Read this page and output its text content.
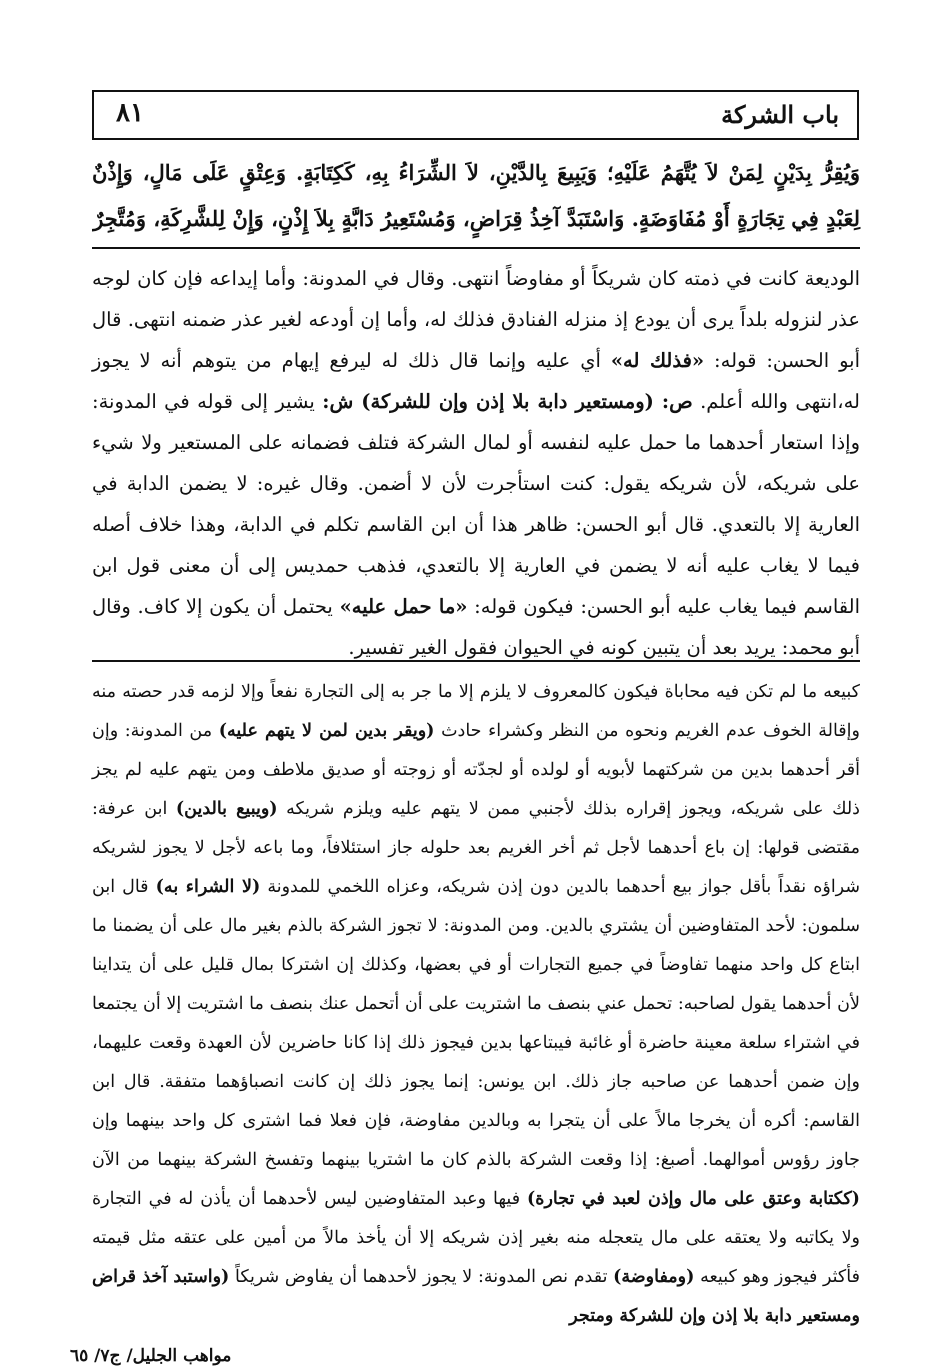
٨١	باب الشركة
وَيُقِرُّ بِدَيْنٍ لِمَنْ لاَ يُتَّهَمُ عَلَيْهِ؛ وَيَبِيعَ بِالدَّيْنِ، لاَ الشِّرَاءُ بِهِ، كَكِتَابَةٍ. وَعِتْقٍ عَلَى مَالٍ، وَإِذْنٌ لِعَبْدٍ فِي تِجَارَةٍ أَوْ مُفَاوَضَةٍ. وَاسْتَبَدَّ آخِذُ قِرَاضٍ، وَمُسْتَعِيرُ دَابَّةٍ بِلاَ إِذْنٍ، وَإِنْ لِلشَّرِكَةِ، وَمُتَّجِرٌ
الوديعة كانت في ذمته كان شريكاً أو مفاوضاً انتهى. وقال في المدونة: وأما إيداعه فإن كان لوجه عذر لنزوله بلداً يرى أن يودع إذ منزله الفنادق فذلك له، وأما إن أودعه لغير عذر ضمنه انتهى. قال أبو الحسن: قوله: «فذلك له» أي عليه وإنما قال ذلك له ليرفع إيهام من يتوهم أنه لا يجوز له،انتهى والله أعلم. ص: (ومستعير دابة بلا إذن وإن للشركة) ش: يشير إلى قوله في المدونة: وإذا استعار أحدهما ما حمل عليه لنفسه أو لمال الشركة فتلف فضمانه على المستعير ولا شيء على شريكه، لأن شريكه يقول: كنت استأجرت لأن لا أضمن. وقال غيره: لا يضمن الدابة في العارية إلا بالتعدي. قال أبو الحسن: ظاهر هذا أن ابن القاسم تكلم في الدابة، وهذا خلاف أصله فيما لا يغاب عليه أنه لا يضمن في العارية إلا بالتعدي، فذهب حمديس إلى أن معنى قول ابن القاسم فيما يغاب عليه أبو الحسن: فيكون قوله: «ما حمل عليه» يحتمل أن يكون إلا كاف. وقال أبو محمد: يريد بعد أن يتبين كونه في الحيوان فقول الغير تفسير.
كبيعه ما لم تكن فيه محاباة فيكون كالمعروف لا يلزم إلا ما جر به إلى التجارة نفعاً وإلا لزمه قدر حصته منه وإقالة الخوف عدم الغريم ونحوه من النظر وكشراء حادث (ويقر بدين لمن لا يتهم عليه) من المدونة: وإن أقر أحدهما بدين من شركتهما لأبويه أو لولده أو لجدّته أو زوجته أو صديق ملاطف ومن يتهم عليه لم يجز ذلك على شريكه، ويجوز إقراره بذلك لأجنبي ممن لا يتهم عليه ويلزم شريكه (ويبيع بالدين) ابن عرفة: مقتضى قولها: إن باع أحدهما لأجل ثم أخر الغريم بعد حلوله جاز استئلافاً، وما باعه لأجل لا يجوز لشريكه شراؤه نقداً بأقل جواز بيع أحدهما بالدين دون إذن شريكه، وعزاه اللخمي للمدونة (لا الشراء به) قال ابن سلمون: لأحد المتفاوضين أن يشتري بالدين. ومن المدونة: لا تجوز الشركة بالذم بغير مال على أن يضمنا ما ابتاع كل واحد منهما تفاوضاً في جميع التجارات أو في بعضها، وكذلك إن اشتركا بمال قليل على أن يتداينا لأن أحدهما يقول لصاحبه: تحمل عني بنصف ما اشتريت على أن أتحمل عنك بنصف ما اشتريت إلا أن يجتمعا في اشتراء سلعة معينة حاضرة أو غائبة فيبتاعها بدين فيجوز ذلك إذا كانا حاضرين لأن العهدة وقعت عليهما، وإن ضمن أحدهما عن صاحبه جاز ذلك. ابن يونس: إنما يجوز ذلك إن كانت انصباؤهما متفقة. قال ابن القاسم: أكره أن يخرجا مالاً على أن يتجرا به وبالدين مفاوضة، فإن فعلا فما اشترى كل واحد بينهما وإن جاوز رؤوس أموالهما. أصبغ: إذا وقعت الشركة بالذم كان ما اشتريا بينهما وتفسخ الشركة بينهما من الآن (ككتابة وعتق على مال وإذن لعبد في تجارة) فيها وعبد المتفاوضين ليس لأحدهما أن يأذن له في التجارة ولا يكاتبه ولا يعتقه على مال يتعجله منه بغير إذن شريكه إلا أن يأخذ مالاً من أمين على عتقه مثل قيمته فأكثر فيجوز وهو كبيعه (ومفاوضة) تقدم نص المدونة: لا يجوز لأحدهما أن يفاوض شريكاً (واستبد آخذ قراض ومستعير دابة بلا إذن وإن للشركة ومتجر
مواهب الجليل/ ج٧/ ٦٥
